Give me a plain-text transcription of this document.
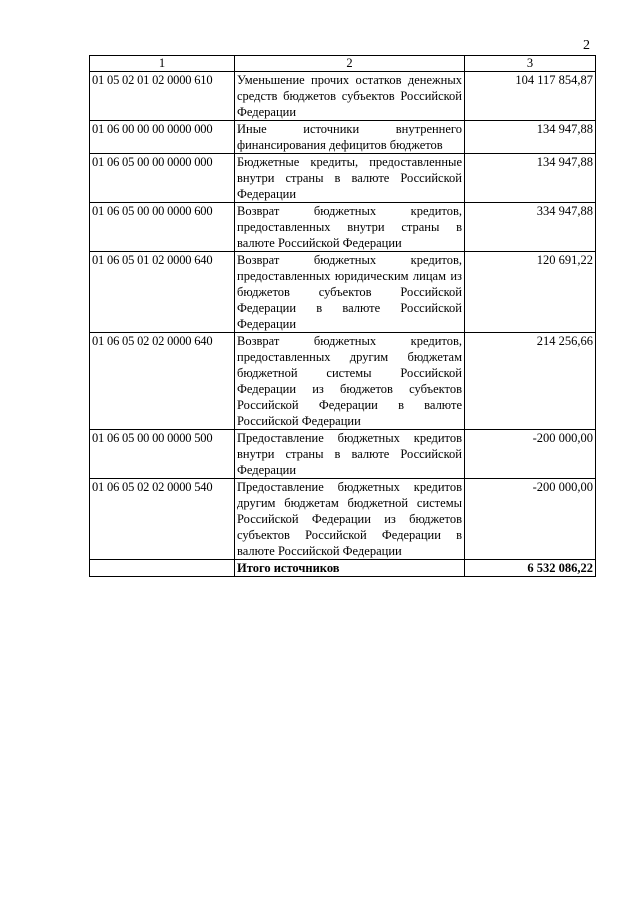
2
1	2	3
01 05 02 01 02 0000 610	Уменьшение прочих остатков денежных средств бюджетов субъектов Российской Федерации	104 117 854,87
01 06 00 00 00 0000 000	Иные источники внутреннего финансирования дефицитов бюджетов	134 947,88
01 06 05 00 00 0000 000	Бюджетные кредиты, предоставленные внутри страны в валюте Российской Федерации	134 947,88
01 06 05 00 00 0000 600	Возврат бюджетных кредитов, предоставленных внутри страны в валюте Российской Федерации	334 947,88
01 06 05 01 02 0000 640	Возврат бюджетных кредитов, предоставленных юридическим лицам из бюджетов субъектов Российской Федерации в валюте Российской Федерации	120 691,22
01 06 05 02 02 0000 640	Возврат бюджетных кредитов, предоставленных другим бюджетам бюджетной системы Российской Федерации из бюджетов субъектов Российской Федерации в валюте Российской Федерации	214 256,66
01 06 05 00 00 0000 500	Предоставление бюджетных кредитов внутри страны в валюте Российской Федерации	-200 000,00
01 06 05 02 02 0000 540	Предоставление бюджетных кредитов другим бюджетам бюджетной системы Российской Федерации из бюджетов субъектов Российской Федерации в валюте Российской Федерации	-200 000,00
	Итого источников	6 532 086,22
